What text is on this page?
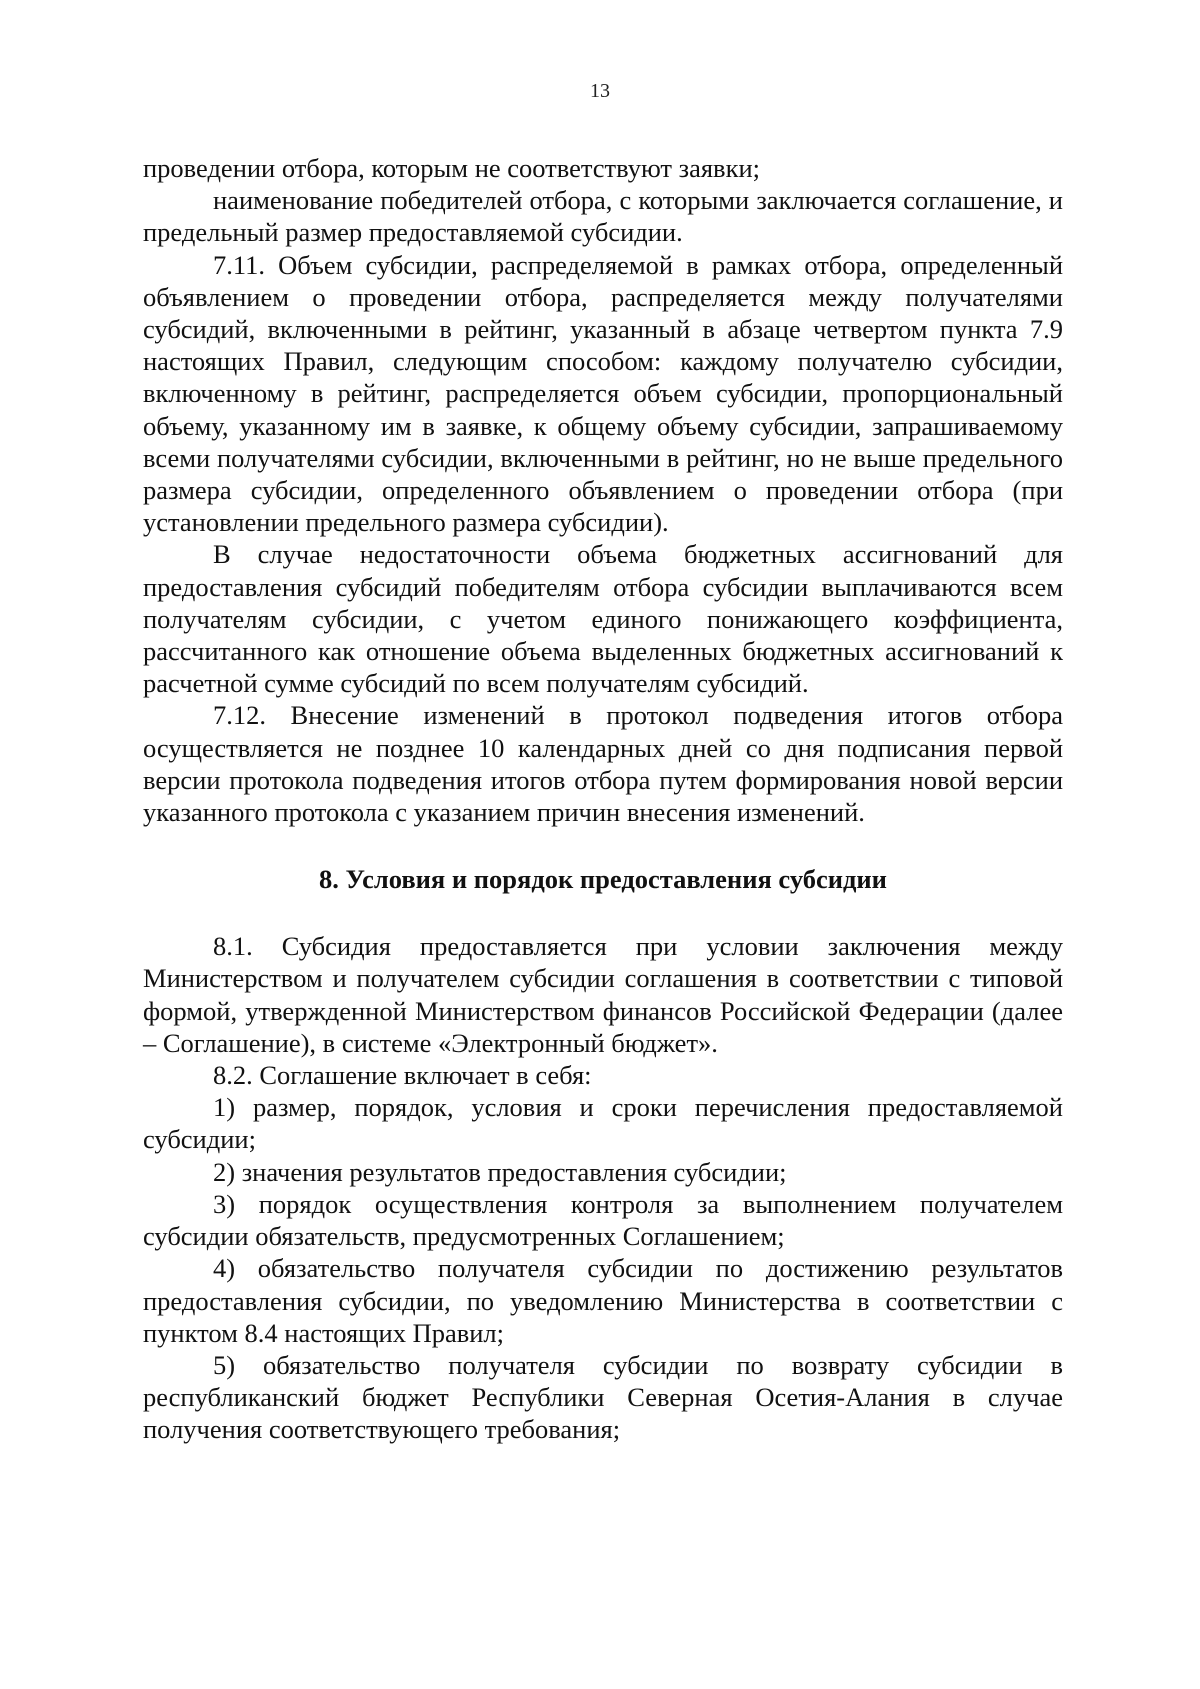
13

проведении отбора, которым не соответствуют заявки;

наименование победителей отбора, с которыми заключается соглашение, и предельный размер предоставляемой субсидии.

7.11. Объем субсидии, распределяемой в рамках отбора, определенный объявлением о проведении отбора, распределяется между получателями субсидий, включенными в рейтинг, указанный в абзаце четвертом пункта 7.9 настоящих Правил, следующим способом: каждому получателю субсидии, включенному в рейтинг, распределяется объем субсидии, пропорциональный объему, указанному им в заявке, к общему объему субсидии, запрашиваемому всеми получателями субсидии, включенными в рейтинг, но не выше предельного размера субсидии, определенного объявлением о проведении отбора (при установлении предельного размера субсидии).

В случае недостаточности объема бюджетных ассигнований для предоставления субсидий победителям отбора субсидии выплачиваются всем получателям субсидии, с учетом единого понижающего коэффициента, рассчитанного как отношение объема выделенных бюджетных ассигнований к расчетной сумме субсидий по всем получателям субсидий.

7.12. Внесение изменений в протокол подведения итогов отбора осуществляется не позднее 10 календарных дней со дня подписания первой версии протокола подведения итогов отбора путем формирования новой версии указанного протокола с указанием причин внесения изменений.

8. Условия и порядок предоставления субсидии

8.1. Субсидия предоставляется при условии заключения между Министерством и получателем субсидии соглашения в соответствии с типовой формой, утвержденной Министерством финансов Российской Федерации (далее – Соглашение), в системе «Электронный бюджет».

8.2. Соглашение включает в себя:

1) размер, порядок, условия и сроки перечисления предоставляемой субсидии;

2) значения результатов предоставления субсидии;

3) порядок осуществления контроля за выполнением получателем субсидии обязательств, предусмотренных Соглашением;

4) обязательство получателя субсидии по достижению результатов предоставления субсидии, по уведомлению Министерства в соответствии с пунктом 8.4 настоящих Правил;

5) обязательство получателя субсидии по возврату субсидии в республиканский бюджет Республики Северная Осетия-Алания в случае получения соответствующего требования;
